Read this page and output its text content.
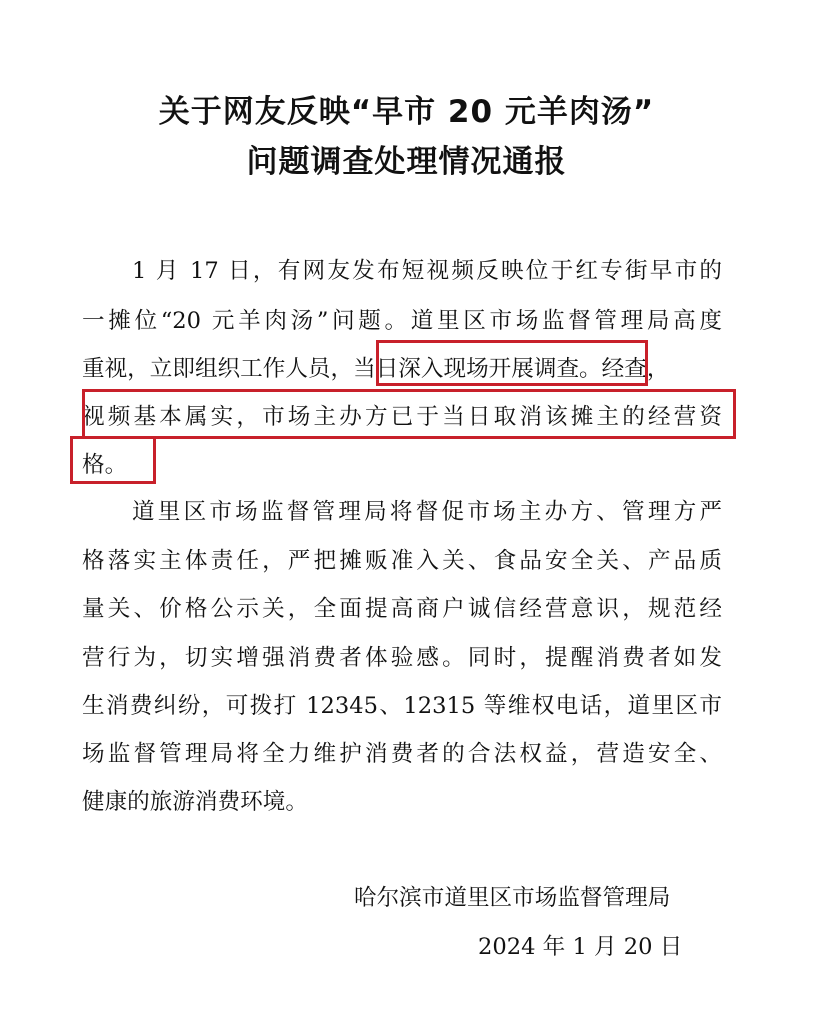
关于网友反映“早市 20 元羊肉汤”
问题调查处理情况通报
1 月 17 日，有网友发布短视频反映位于红专街早市的
一摊位“20 元羊肉汤”问题。道里区市场监督管理局高度
重视，立即组织工作人员，当日深入现场开展调查。经查，
视频基本属实，市场主办方已于当日取消该摊主的经营资
格。
道里区市场监督管理局将督促市场主办方、管理方严
格落实主体责任，严把摊贩准入关、食品安全关、产品质
量关、价格公示关，全面提高商户诚信经营意识，规范经
营行为，切实增强消费者体验感。同时，提醒消费者如发
生消费纠纷，可拨打 12345、12315 等维权电话，道里区市
场监督管理局将全力维护消费者的合法权益，营造安全、
健康的旅游消费环境。
哈尔滨市道里区市场监督管理局
2024 年 1 月 20 日
